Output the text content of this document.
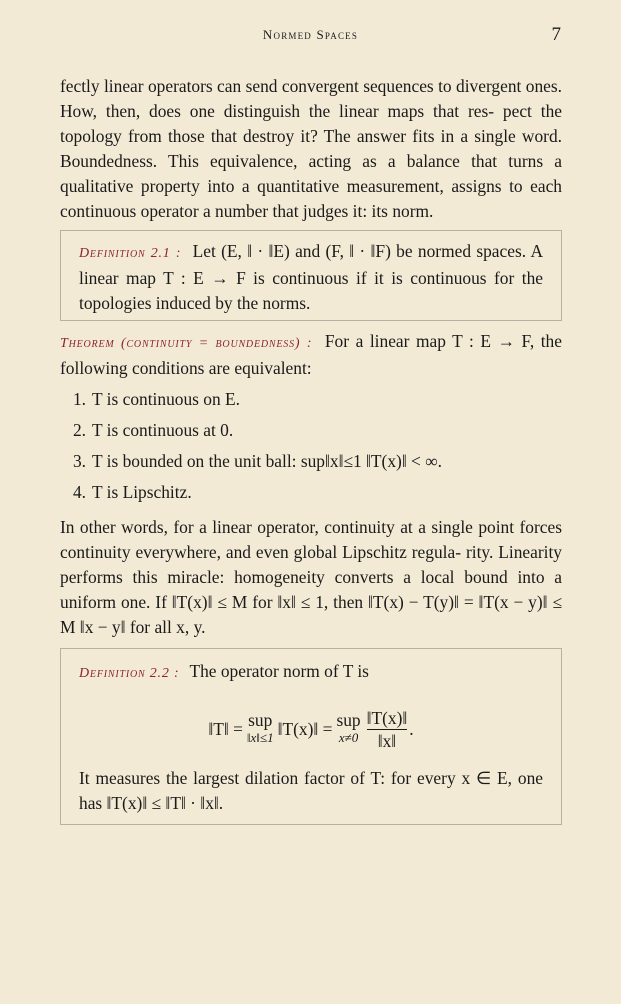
Normed Spaces	7

fectly linear operators can send convergent sequences to divergent ones. How, then, does one distinguish the linear maps that res- pect the topology from those that destroy it? The answer fits in a single word. Boundedness. This equivalence, acting as a balance that turns a qualitative property into a quantitative measurement, assigns to each continuous operator a number that judges it: its norm.

Definition 2.1 : Let (E, ‖ · ‖E) and (F, ‖ · ‖F) be normed spaces. A linear map T : E → F is continuous if it is continuous for the topologies induced by the norms.

Theorem (continuity = boundedness) : For a linear map T : E → F, the following conditions are equivalent:

1. T is continuous on E.
2. T is continuous at 0.
3. T is bounded on the unit ball: sup‖x‖≤1 ‖T(x)‖ < ∞.
4. T is Lipschitz.

In other words, for a linear operator, continuity at a single point forces continuity everywhere, and even global Lipschitz regula- rity. Linearity performs this miracle: homogeneity converts a local bound into a uniform one. If ‖T(x)‖ ≤ M for ‖x‖ ≤ 1, then ‖T(x) − T(y)‖ = ‖T(x − y)‖ ≤ M ‖x − y‖ for all x, y.

Definition 2.2 : The operator norm of T is

‖T‖ = sup
‖x‖≤1 ‖T(x)‖ = sup
$x\ne 0 \frac{‖T(x)‖}{‖x‖}$ .

It measures the largest dilation factor of T: for every x ∈ E, one has ‖T(x)‖ ≤ ‖T‖ · ‖x‖.
